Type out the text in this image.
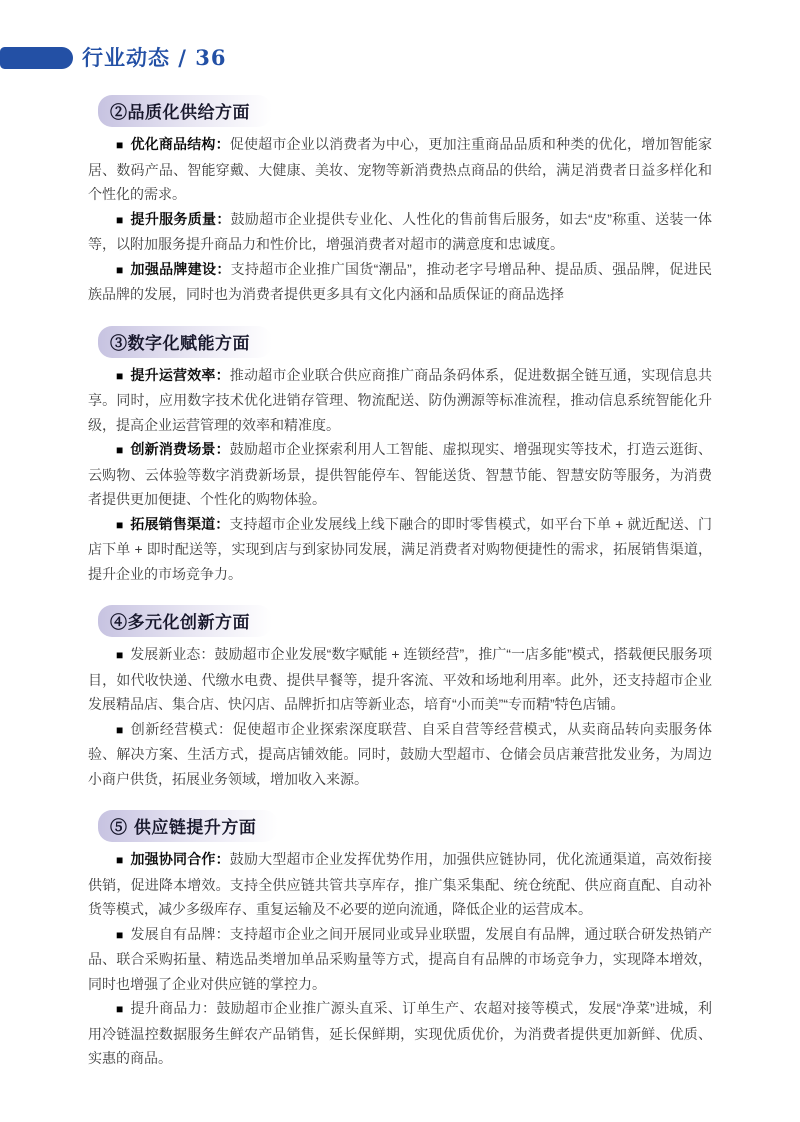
行业动态 / 36
②品质化供给方面

■ 优化商品结构：促使超市企业以消费者为中心，更加注重商品品质和种类的优化，增加智能家居、数码产品、智能穿戴、大健康、美妆、宠物等新消费热点商品的供给，满足消费者日益多样化和个性化的需求。

■ 提升服务质量：鼓励超市企业提供专业化、人性化的售前售后服务，如去“皮”称重、送装一体等，以附加服务提升商品力和性价比，增强消费者对超市的满意度和忠诚度。

■ 加强品牌建设：支持超市企业推广国货“潮品”，推动老字号增品种、提品质、强品牌，促进民族品牌的发展，同时也为消费者提供更多具有文化内涵和品质保证的商品选择

③数字化赋能方面

■ 提升运营效率：推动超市企业联合供应商推广商品条码体系，促进数据全链互通，实现信息共享。同时，应用数字技术优化进销存管理、物流配送、防伪溯源等标准流程，推动信息系统智能化升级，提高企业运营管理的效率和精准度。

■ 创新消费场景：鼓励超市企业探索利用人工智能、虚拟现实、增强现实等技术，打造云逛街、云购物、云体验等数字消费新场景，提供智能停车、智能送货、智慧节能、智慧安防等服务，为消费者提供更加便捷、个性化的购物体验。

■ 拓展销售渠道：支持超市企业发展线上线下融合的即时零售模式，如平台下单 + 就近配送、门店下单 + 即时配送等，实现到店与到家协同发展，满足消费者对购物便捷性的需求，拓展销售渠道，提升企业的市场竞争力。

④多元化创新方面

■ 发展新业态：鼓励超市企业发展“数字赋能 + 连锁经营”，推广“一店多能”模式，搭载便民服务项目，如代收快递、代缴水电费、提供早餐等，提升客流、平效和场地利用率。此外，还支持超市企业发展精品店、集合店、快闪店、品牌折扣店等新业态，培育“小而美”“专而精”特色店铺。

■ 创新经营模式：促使超市企业探索深度联营、自采自营等经营模式，从卖商品转向卖服务体验、解决方案、生活方式，提高店铺效能。同时，鼓励大型超市、仓储会员店兼营批发业务，为周边小商户供货，拓展业务领域，增加收入来源。

⑤ 供应链提升方面

■ 加强协同合作：鼓励大型超市企业发挥优势作用，加强供应链协同，优化流通渠道，高效衔接供销，促进降本增效。支持全供应链共管共享库存，推广集采集配、统仓统配、供应商直配、自动补货等模式，减少多级库存、重复运输及不必要的逆向流通，降低企业的运营成本。

■ 发展自有品牌：支持超市企业之间开展同业或异业联盟，发展自有品牌，通过联合研发热销产品、联合采购拓量、精选品类增加单品采购量等方式，提高自有品牌的市场竞争力，实现降本增效，同时也增强了企业对供应链的掌控力。

■ 提升商品力：鼓励超市企业推广源头直采、订单生产、农超对接等模式，发展“净菜”进城，利用冷链温控数据服务生鲜农产品销售，延长保鲜期，实现优质优价，为消费者提供更加新鲜、优质、实惠的商品。
